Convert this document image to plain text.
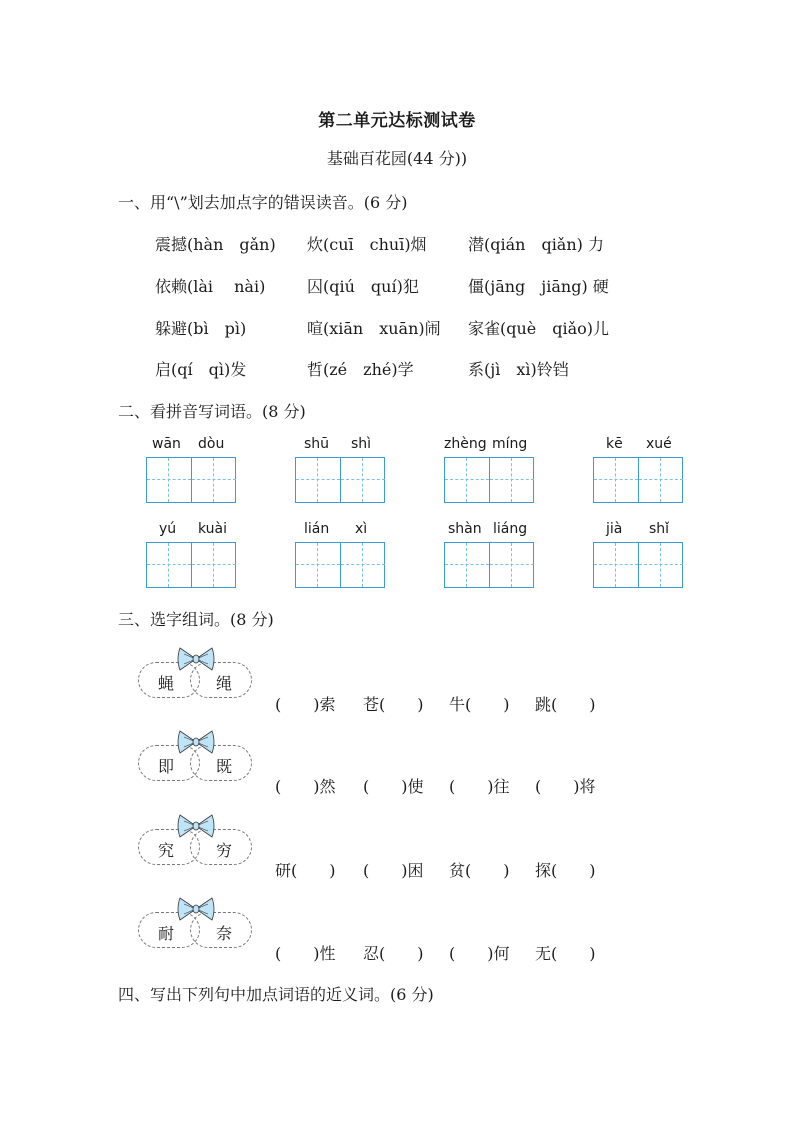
第二单元达标测试卷
基础百花园(44 分))
一、用“\”划去加点字的错误读音。(6 分)
震撼(hàn　gǎn) 炊(cuī　chuī)烟	潜(qián　qiǎn) 力
依赖(lài　 nài)	囚(qiú　quí)犯	僵(jāng　jiāng) 硬
躲避(bì　pì)	喧(xiān　xuān)闹 家雀(què　qiǎo)儿
启(qí　qì)发	哲(zé　zhé)学	系(jì　xì)铃铛
二、看拼音写词语。(8 分)
wān dòu	shū shì	zhèng míng	kē xué
yú kuài	lián xì	shàn liáng	jià shǐ
三、选字组词。(8 分)
蝇	绳
(　　)索 苍(　　) 牛(　　) 跳(　　)
即	既
(　　)然 (　　)使 (　　)往 (　　)将
究	穷
研(　　) (　　)困 贫(　　) 探(　　)
耐	奈
(　　)性 忍(　　) (　　)何 无(　　)
四、写出下列句中加点词语的近义词。(6 分)
